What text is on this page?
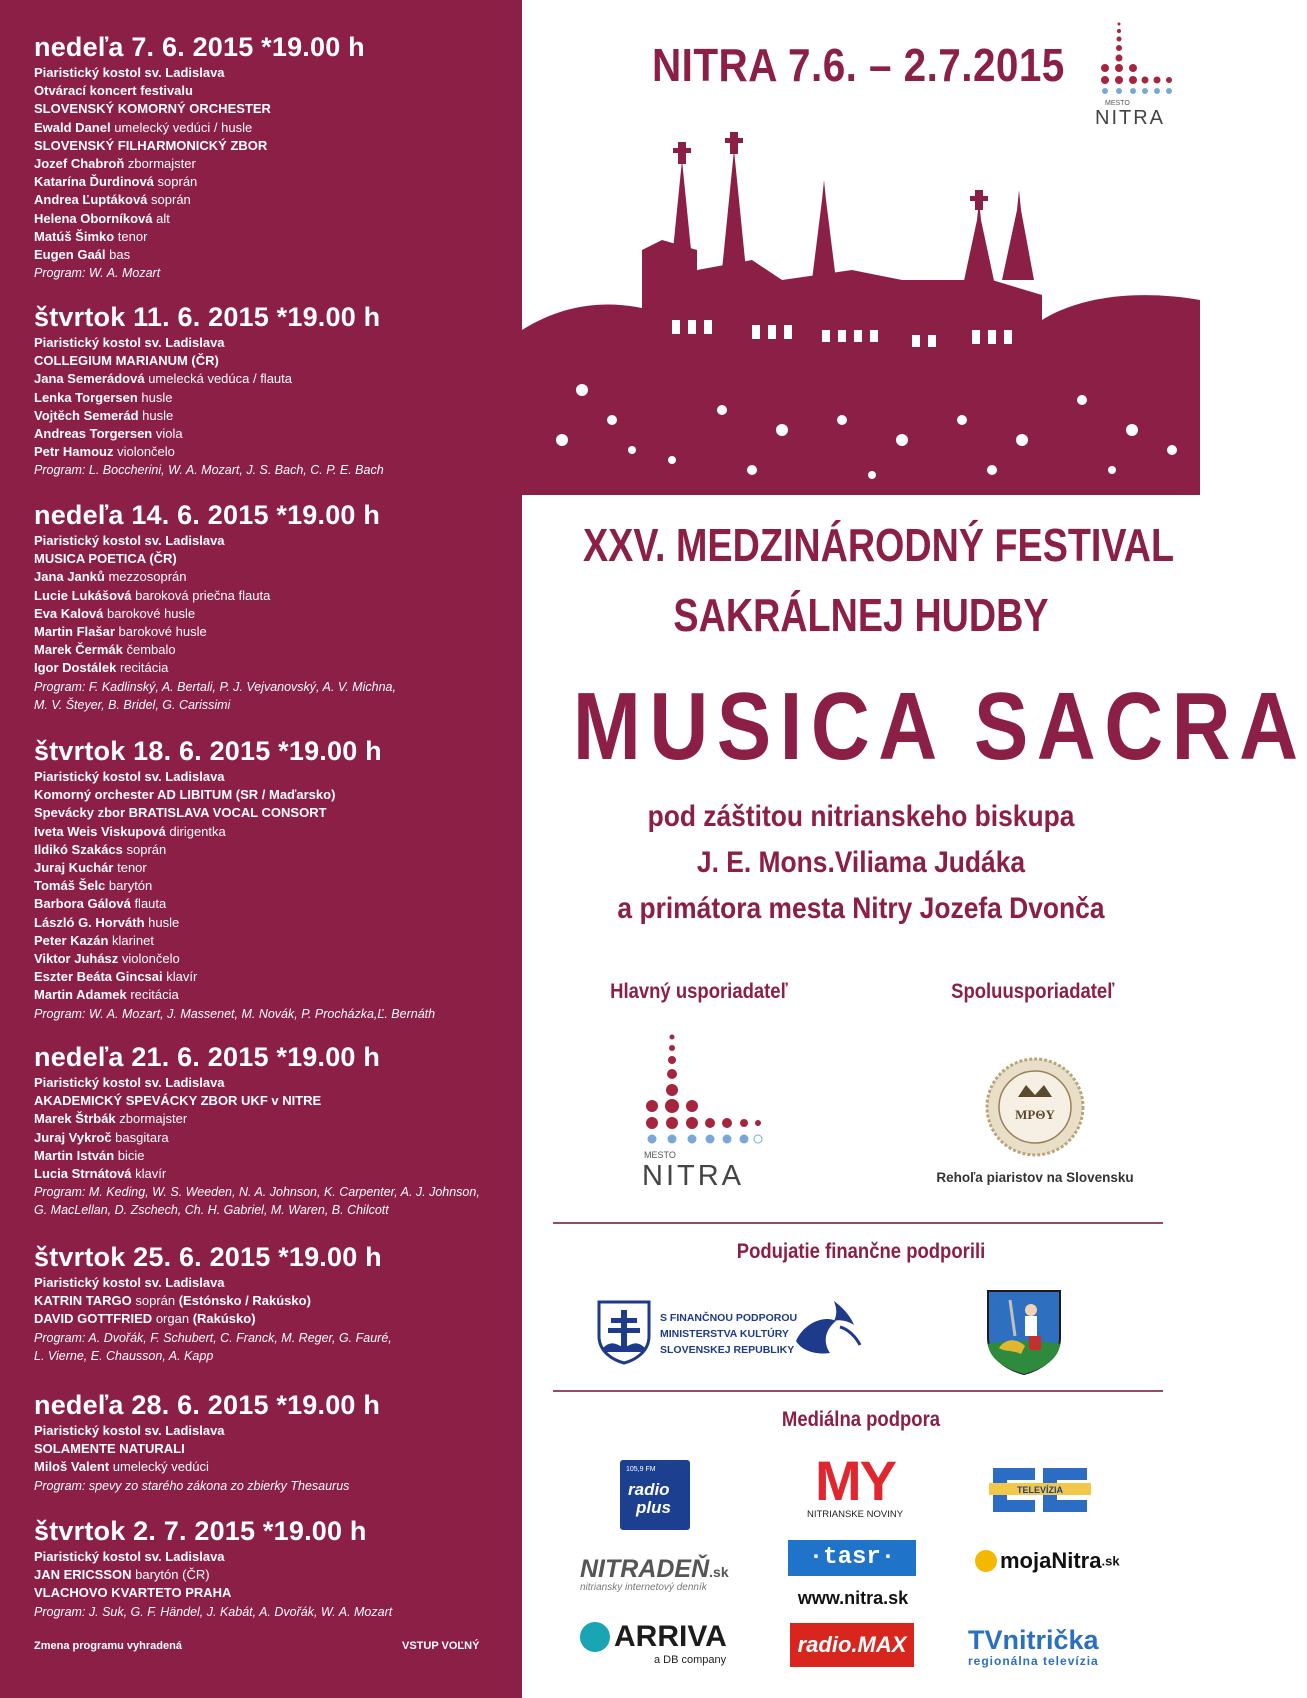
nedeľa 7. 6. 2015 *19.00 h
Piaristický kostol sv. Ladislava
Otvárací koncert festivalu
SLOVENSKÝ KOMORNÝ ORCHESTER
Ewald Danel umelecký vedúci / husle
SLOVENSKÝ FILHARMONICKÝ ZBOR
Jozef Chabroň zbormajster
Katarína Ďurdinová soprán
Andrea Ľuptáková soprán
Helena Oborníková alt
Matúš Šimko tenor
Eugen Gaál bas
Program: W. A. Mozart
štvrtok 11. 6. 2015 *19.00 h
Piaristický kostol sv. Ladislava
COLLEGIUM MARIANUM (ČR)
Jana Semerádová umelecká vedúca / flauta
Lenka Torgersen husle
Vojtěch Semerád husle
Andreas Torgersen viola
Petr Hamouz violončelo
Program: L. Boccherini, W. A. Mozart, J. S. Bach, C. P. E. Bach
nedeľa 14. 6. 2015 *19.00 h
Piaristický kostol sv. Ladislava
MUSICA POETICA (ČR)
Jana Janků mezzosoprán
Lucie Lukášová baroková priečna flauta
Eva Kalová barokové husle
Martin Flašar barokové husle
Marek Čermák čembalo
Igor Dostálek recitácia
Program: F. Kadlinský, A. Bertali, P. J. Vejvanovský, A. V. Michna,
M. V. Šteyer, B. Bridel, G. Carissimi
štvrtok 18. 6. 2015 *19.00 h
Piaristický kostol sv. Ladislava
Komorný orchester AD LIBITUM (SR / Maďarsko)
Spevácky zbor BRATISLAVA VOCAL CONSORT
Iveta Weis Viskupová dirigentka
Ildikó Szakács soprán
Juraj Kuchár tenor
Tomáš Šelc barytón
Barbora Gálová flauta
László G. Horváth husle
Peter Kazán klarinet
Viktor Juhász violončelo
Eszter Beáta Gincsai klavír
Martin Adamek recitácia
Program: W. A. Mozart, J. Massenet, M. Novák, P. Procházka,Ľ. Bernáth
nedeľa 21. 6. 2015 *19.00 h
Piaristický kostol sv. Ladislava
AKADEMICKÝ SPEVÁCKY ZBOR UKF v NITRE
Marek Štrbák zbormajster
Juraj Vykroč basgitara
Martin István bicie
Lucia Strnátová klavír
Program: M. Keding, W. S. Weeden, N. A. Johnson, K. Carpenter, A. J. Johnson,
G. MacLellan, D. Zschech, Ch. H. Gabriel, M. Waren, B. Chilcott
štvrtok 25. 6. 2015 *19.00 h
Piaristický kostol sv. Ladislava
KATRIN TARGO soprán (Estónsko / Rakúsko)
DAVID GOTTFRIED organ (Rakúsko)
Program: A. Dvořák, F. Schubert, C. Franck, M. Reger, G. Fauré,
L. Vierne, E. Chausson, A. Kapp
nedeľa 28. 6. 2015 *19.00 h
Piaristický kostol sv. Ladislava
SOLAMENTE NATURALI
Miloš Valent umelecký vedúci
Program: spevy zo starého zákona zo zbierky Thesaurus
štvrtok 2. 7. 2015 *19.00 h
Piaristický kostol sv. Ladislava
JAN ERICSSON barytón (ČR)
VLACHOVO KVARTETO PRAHA
Program: J. Suk, G. F. Händel, J. Kabát, A. Dvořák, W. A. Mozart
NITRA 7.6. – 2.7.2015
MESTO
NITRA
XXV. MEDZINÁRODNÝ FESTIVAL
SAKRÁLNEJ HUDBY
MUSICA SACRA
pod záštitou nitrianskeho biskupa
J. E. Mons.Viliama Judáka
a primátora mesta Nitry Jozefa Dvonča
Hlavný usporiadateľ	Spoluusporiadateľ
MESTO
NITRA
MPΘY
Rehoľa piaristov na Slovensku
Podujatie finančne podporili
S FINANČNOU PODPOROU
MINISTERSTVA KULTÚRY
SLOVENSKEJ REPUBLIKY
Mediálna podpora
105,9 FM
radio
plus	MY
NITRIANSKE NOVINY
TELEVÍZIA
NITRADEŇ.sk
nitriansky internetový denník
·tasr·
www.nitra.sk
mojaNitra.sk
ARRIVA
a DB company
radio.MAX TVnitrička
regionálna televízia
Zmena programu vyhradená	VSTUP VOĽNÝ
